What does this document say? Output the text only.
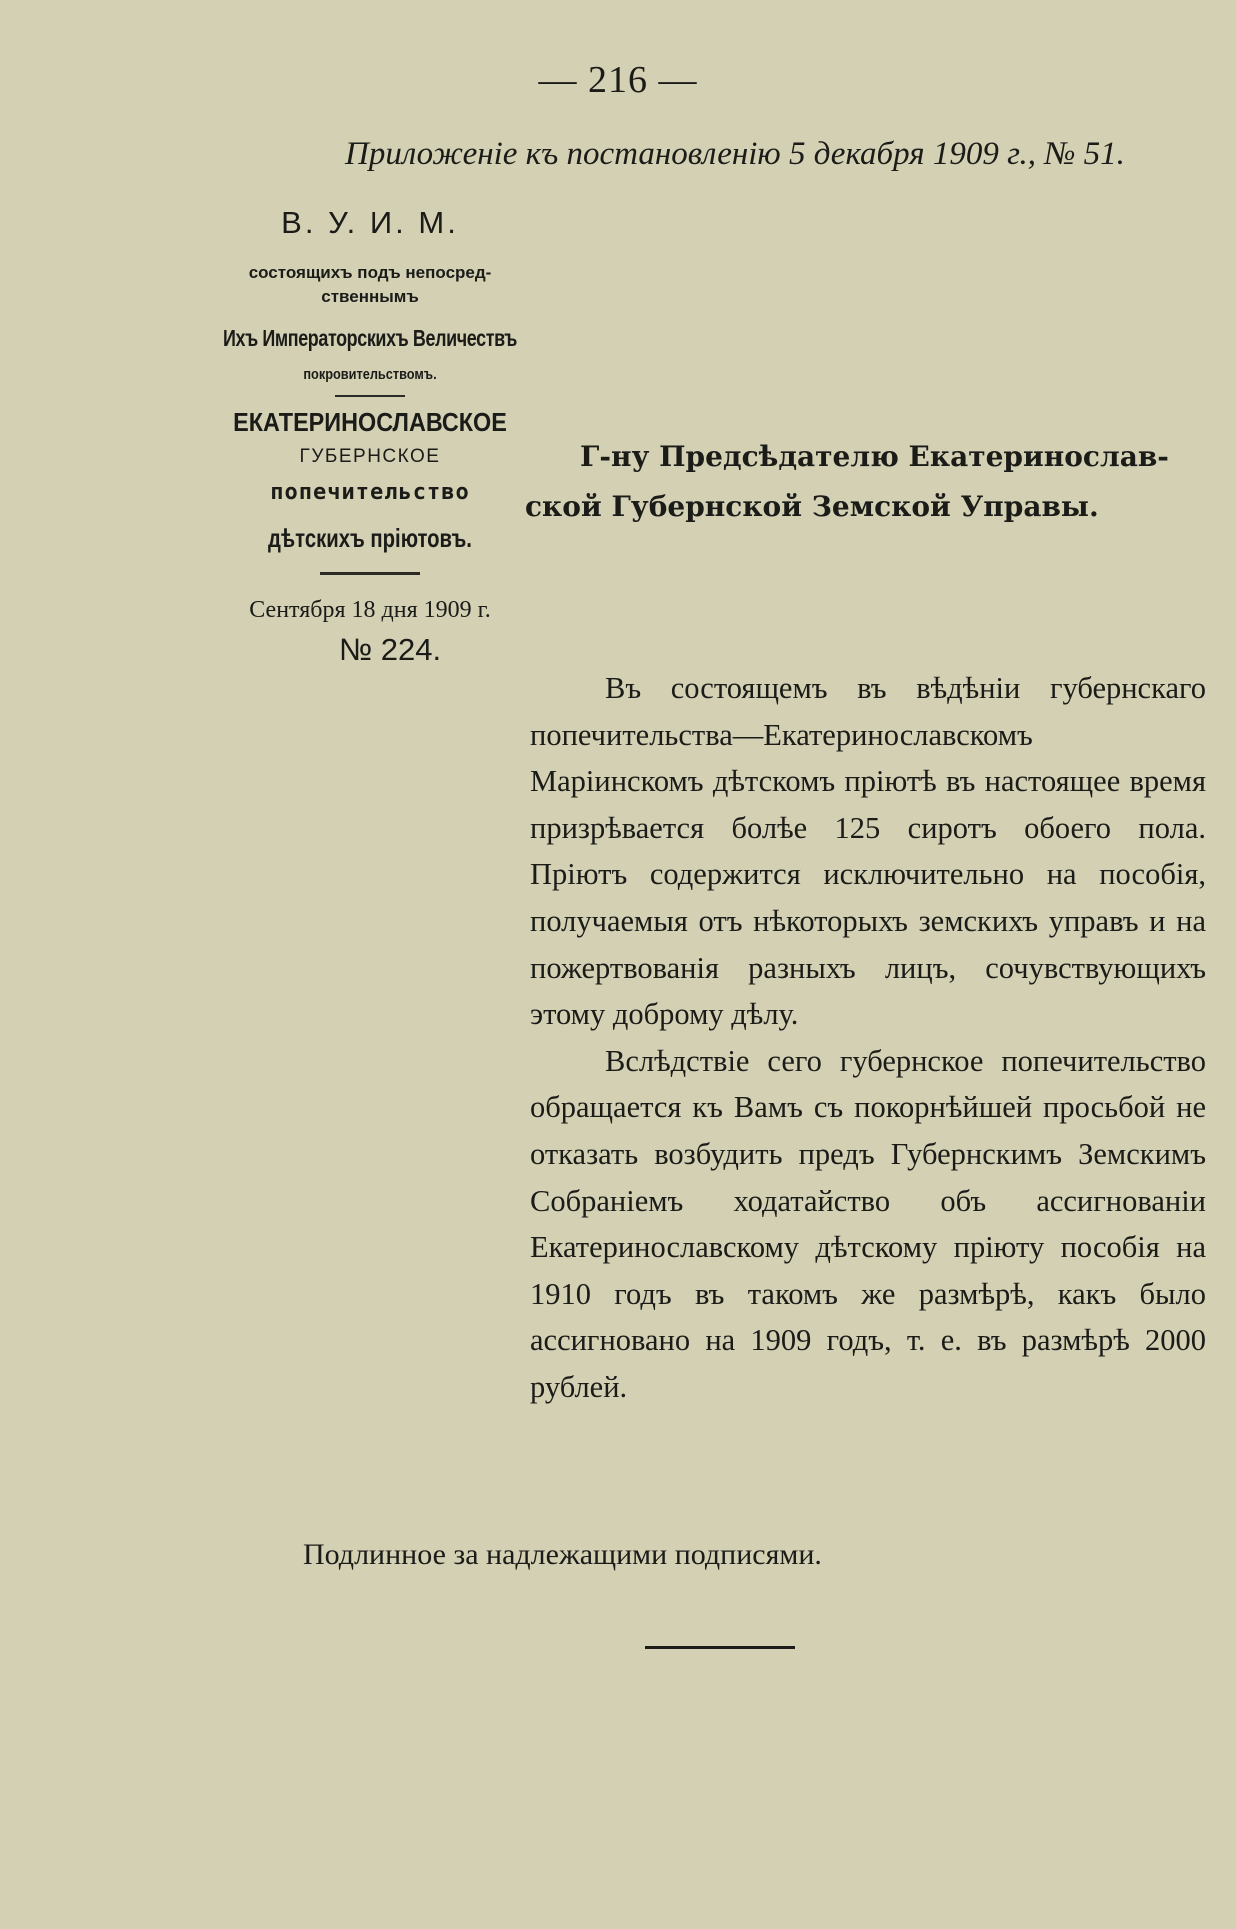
— 216 —
Приложеніе къ постановленію 5 декабря 1909 г., № 51.
В. У. И. М.
состоящихъ подъ непосред-
ственнымъ
Ихъ Императорскихъ Величествъ
покровительствомъ.
ЕКАТЕРИНОСЛАВСКОЕ
ГУБЕРНСКОЕ
попечительство
дѣтскихъ пріютовъ.
Сентября 18 дня 1909 г.
№ 224.
Г-ну Предсѣдателю Екатеринослав-
ской Губернской Земской Управы.

Въ состоящемъ въ вѣдѣніи губернскаго попечительства—Екатеринославскомъ Маріинскомъ дѣтскомъ пріютѣ въ настоящее время призрѣвается болѣе 125 сиротъ обоего пола. Пріютъ содержится исключительно на пособія, получаемыя отъ нѣкоторыхъ земскихъ управъ и на пожертвованія разныхъ лицъ, сочувствующихъ этому доброму дѣлу.

Вслѣдствіе сего губернское попечительство обращается къ Вамъ съ покорнѣйшей просьбой не отказать возбудить предъ Губернскимъ Земскимъ Собраніемъ ходатайство объ ассигнованіи Екатеринославскому дѣтскому пріюту пособія на 1910 годъ въ такомъ же размѣрѣ, какъ было ассигновано на 1909 годъ, т. е. въ размѣрѣ 2000 рублей.

Подлинное за надлежащими подписями.
